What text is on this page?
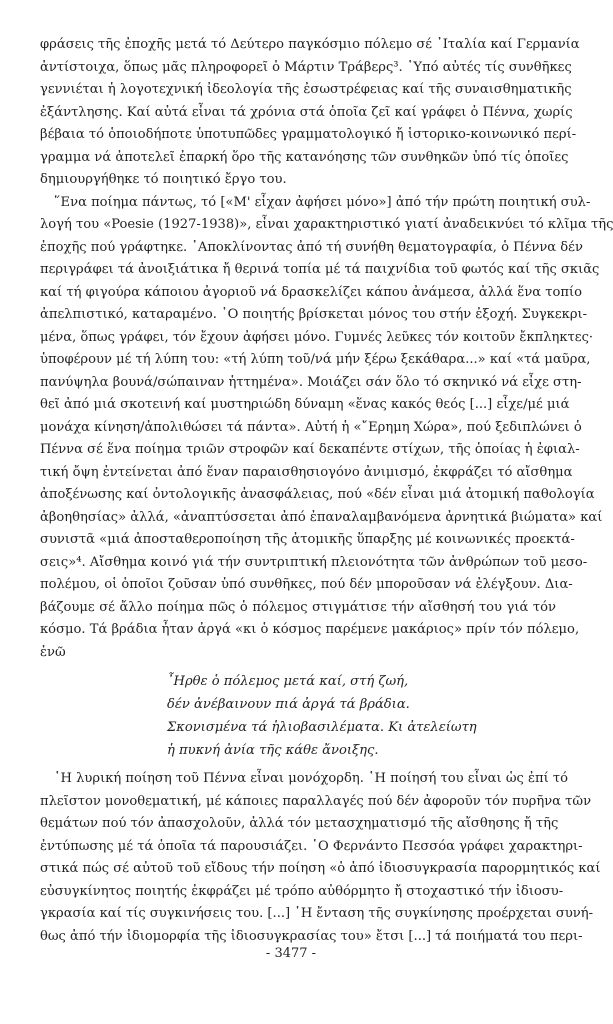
φράσεις τῆς ἐποχῆς μετά τό Δεύτερο παγκόσμιο πόλεμο σέ ᾿Ιταλία καί Γερμανία
ἀντίστοιχα, ὅπως μᾶς πληροφορεῖ ὁ Μάρτιν Τράβερς³. ῾Υπό αὐτές τίς συνθῆκες
γεννιέται ἡ λογοτεχνική ἰδεολογία τῆς ἐσωστρέφειας καί τῆς συναισθηματικῆς
ἐξάντλησης. Καί αὐτά εἶναι τά χρόνια στά ὁποῖα ζεῖ καί γράφει ὁ Πέννα, χωρίς
βέβαια τό ὁποιοδήποτε ὑποτυπῶδες γραμματολογικό ἤ ἱστορικο-κοινωνικό περί-
γραμμα νά ἀποτελεῖ ἐπαρκή ὅρο τῆς κατανόησης τῶν συνθηκῶν ὑπό τίς ὁποῖες
δημιουργήθηκε τό ποιητικό ἔργο του.

῞Ενα ποίημα πάντως, τό [«Μ' εἶχαν ἀφήσει μόνο»] ἀπό τήν πρώτη ποιητική συλ-
λογή του «Poesie (1927-1938)», εἶναι χαρακτηριστικό γιατί ἀναδεικνύει τό κλῖμα τῆς
ἐποχῆς πού γράφτηκε. ᾿Αποκλίνοντας ἀπό τή συνήθη θεματογραφία, ὁ Πέννα δέν
περιγράφει τά ἀνοιξιάτικα ἤ θερινά τοπία μέ τά παιχνίδια τοῦ φωτός καί τῆς σκιᾶς
καί τή φιγούρα κάποιου ἀγοριοῦ νά δρασκελίζει κάπου ἀνάμεσα, ἀλλά ἕνα τοπίο
ἀπελπιστικό, καταραμένο. ῾Ο ποιητής βρίσκεται μόνος του στήν ἐξοχή. Συγκεκρι-
μένα, ὅπως γράφει, τόν ἔχουν ἀφήσει μόνο. Γυμνές λεῦκες τόν κοιτοῦν ἔκπληκτες·
ὑποφέρουν μέ τή λύπη του: «τή λύπη τοῦ/νά μήν ξέρω ξεκάθαρα...» καί «τά μαῦρα,
πανύψηλα βουνά/σώπαιναν ἡττημένα». Μοιάζει σάν ὅλο τό σκηνικό νά εἶχε στη-
θεῖ ἀπό μιά σκοτεινή καί μυστηριώδη δύναμη «ἕνας κακός θεός [...] εἶχε/μέ μιά
μονάχα κίνηση/ἀπολιθώσει τά πάντα». Αὐτή ἡ «῎Ερημη Χώρα», πού ξεδιπλώνει ὁ
Πέννα σέ ἕνα ποίημα τριῶν στροφῶν καί δεκαπέντε στίχων, τῆς ὁποίας ἡ ἐφιαλ-
τική ὄψη ἐντείνεται ἀπό ἕναν παραισθησιογόνο ἀνιμισμό, ἐκφράζει τό αἴσθημα
ἀποξένωσης καί ὀντολογικῆς ἀνασφάλειας, πού «δέν εἶναι μιά ἀτομική παθολογία
ἀβοηθησίας» ἀλλά, «ἀναπτύσσεται ἀπό ἐπαναλαμβανόμενα ἀρνητικά βιώματα» καί
συνιστᾶ «μιά ἀποσταθεροποίηση τῆς ἀτομικῆς ὕπαρξης μέ κοινωνικές προεκτά-
σεις»⁴. Αἴσθημα κοινό γιά τήν συντριπτική πλειονότητα τῶν ἀνθρώπων τοῦ μεσο-
πολέμου, οἱ ὁποῖοι ζοῦσαν ὑπό συνθῆκες, πού δέν μποροῦσαν νά ἐλέγξουν. Δια-
βάζουμε σέ ἄλλο ποίημα πῶς ὁ πόλεμος στιγμάτισε τήν αἴσθησή του γιά τόν
κόσμο. Τά βράδια ἦταν ἀργά «κι ὁ κόσμος παρέμενε μακάριος» πρίν τόν πόλεμο,
ἐνῶ

῏Ηρθε ὁ πόλεμος μετά καί, στή ζωή,
δέν ἀνέβαινουν πιά ἀργά τά βράδια.
Σκονισμένα τά ἡλιοβασιλέματα. Κι ἀτελείωτη
ἡ πυκνή ἀνία τῆς κάθε ἄνοιξης.

῾Η λυρική ποίηση τοῦ Πέννα εἶναι μονόχορδη. ῾Η ποίησή του εἶναι ὡς ἐπί τό
πλεῖστον μονοθεματική, μέ κάποιες παραλλαγές πού δέν ἀφοροῦν τόν πυρῆνα τῶν
θεμάτων πού τόν ἀπασχολοῦν, ἀλλά τόν μετασχηματισμό τῆς αἴσθησης ἤ τῆς
ἐντύπωσης μέ τά ὁποῖα τά παρουσιάζει. ῾Ο Φερνάντο Πεσσόα γράφει χαρακτηρι-
στικά πώς σέ αὐτοῦ τοῦ εἴδους τήν ποίηση «ὁ ἀπό ἰδιοσυγκρασία παρορμητικός καί
εὐσυγκίνητος ποιητής ἐκφράζει μέ τρόπο αὐθόρμητο ἤ στοχαστικό τήν ἰδιοσυ-
γκρασία καί τίς συγκινήσεις του. [...] ῾Η ἔνταση τῆς συγκίνησης προέρχεται συνή-
θως ἀπό τήν ἰδιομορφία τῆς ἰδιοσυγκρασίας του» ἔτσι [...] τά ποιήματά του περι-

- 3477 -
